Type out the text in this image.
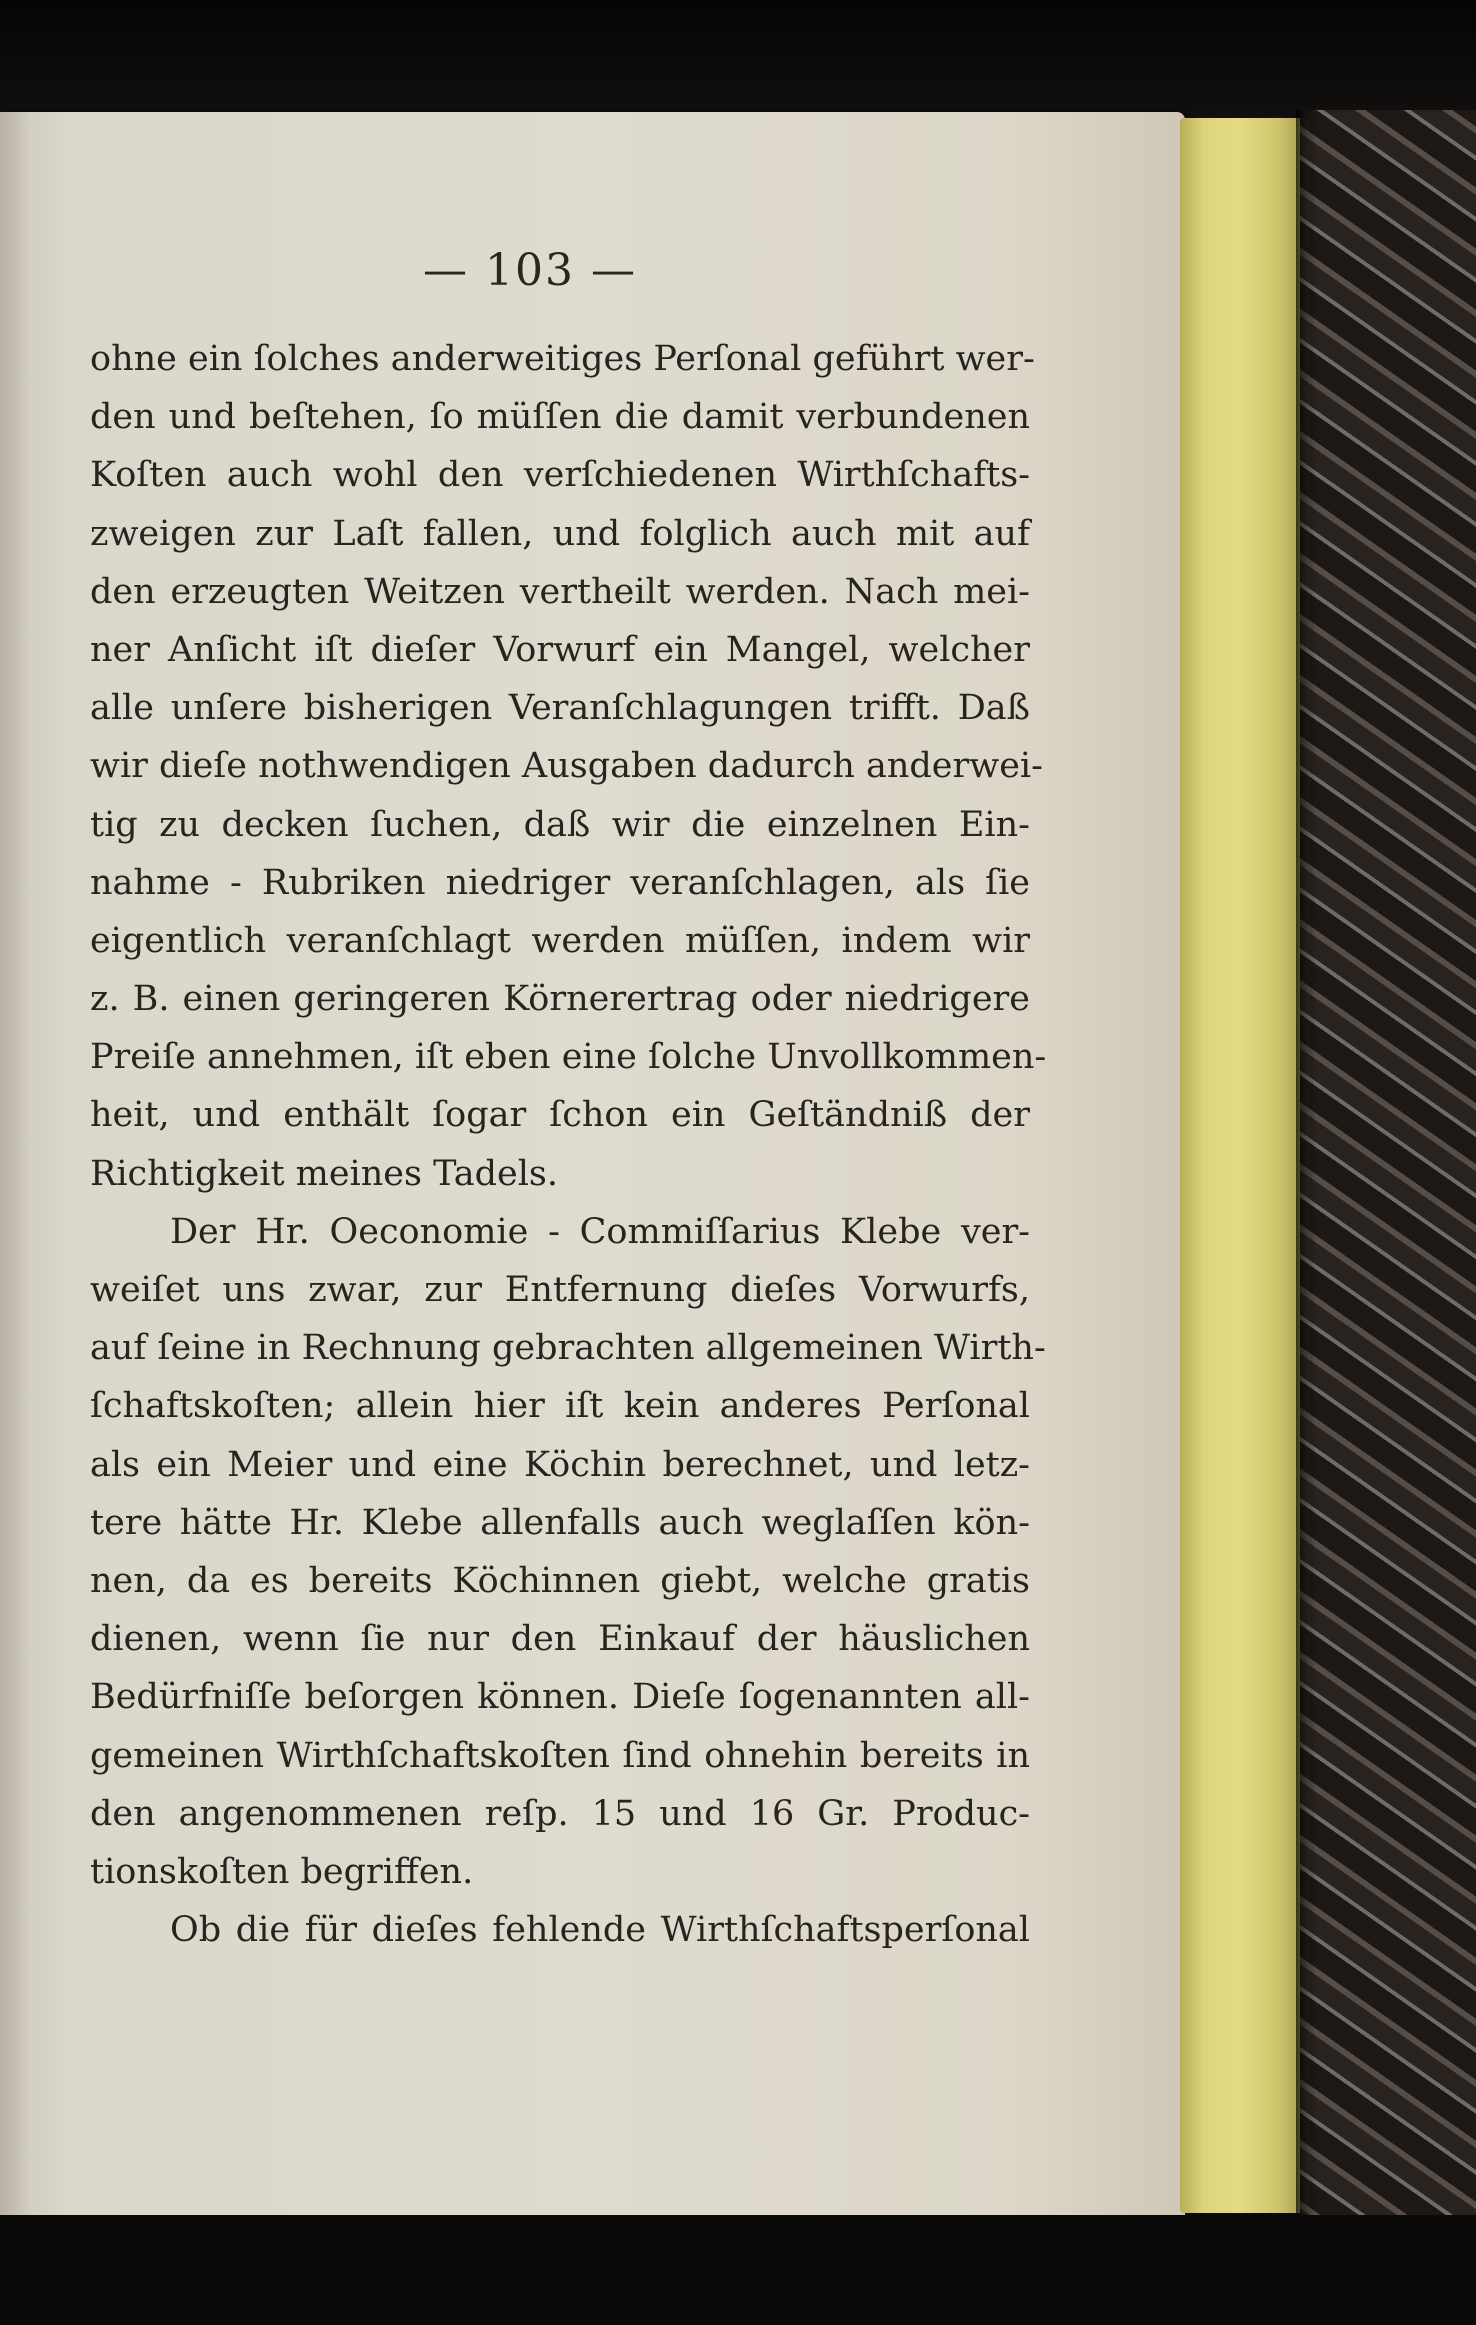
— 103 —
ohne ein ſolches anderweitiges Perſonal geführt wer-
den und beſtehen, ſo müſſen die damit verbundenen
Koſten auch wohl den verſchiedenen Wirthſchafts-
zweigen zur Laſt fallen, und folglich auch mit auf
den erzeugten Weitzen vertheilt werden. Nach mei-
ner Anſicht iſt dieſer Vorwurf ein Mangel, welcher
alle unſere bisherigen Veranſchlagungen trifft. Daß
wir dieſe nothwendigen Ausgaben dadurch anderwei-
tig zu decken ſuchen, daß wir die einzelnen Ein-
nahme - Rubriken niedriger veranſchlagen, als ſie
eigentlich veranſchlagt werden müſſen, indem wir
z. B. einen geringeren Körnerertrag oder niedrigere
Preiſe annehmen, iſt eben eine ſolche Unvollkommen-
heit, und enthält ſogar ſchon ein Geſtändniß der
Richtigkeit meines Tadels.
Der Hr. Oeconomie - Commiſſarius Klebe ver-
weiſet uns zwar, zur Entfernung dieſes Vorwurfs,
auf ſeine in Rechnung gebrachten allgemeinen Wirth-
ſchaftskoſten; allein hier iſt kein anderes Perſonal
als ein Meier und eine Köchin berechnet, und letz-
tere hätte Hr. Klebe allenfalls auch weglaſſen kön-
nen, da es bereits Köchinnen giebt, welche gratis
dienen, wenn ſie nur den Einkauf der häuslichen
Bedürfniſſe beſorgen können. Dieſe ſogenannten all-
gemeinen Wirthſchaftskoſten ſind ohnehin bereits in
den angenommenen reſp. 15 und 16 Gr. Produc-
tionskoſten begriffen.
Ob die für dieſes fehlende Wirthſchaftsperſonal
